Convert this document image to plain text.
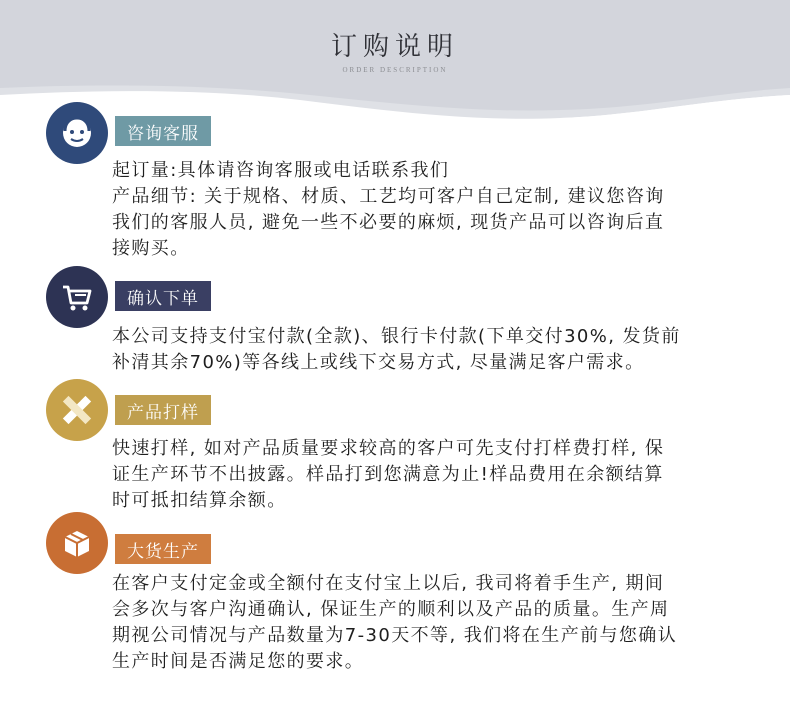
订购说明
ORDER DESCRIPTION
咨询客服

起订量:具体请咨询客服或电话联系我们

产品细节: 关于规格、材质、工艺均可客户自己定制, 建议您咨询

我们的客服人员, 避免一些不必要的麻烦, 现货产品可以咨询后直

接购买。

确认下单

本公司支持支付宝付款(全款)、银行卡付款(下单交付30%, 发货前

补清其余70%)等各线上或线下交易方式, 尽量满足客户需求。

产品打样

快速打样, 如对产品质量要求较高的客户可先支付打样费打样, 保

证生产环节不出披露。样品打到您满意为止!样品费用在余额结算

时可抵扣结算余额。

大货生产

在客户支付定金或全额付在支付宝上以后, 我司将着手生产, 期间

会多次与客户沟通确认, 保证生产的顺利以及产品的质量。生产周

期视公司情况与产品数量为7-30天不等, 我们将在生产前与您确认

生产时间是否满足您的要求。
